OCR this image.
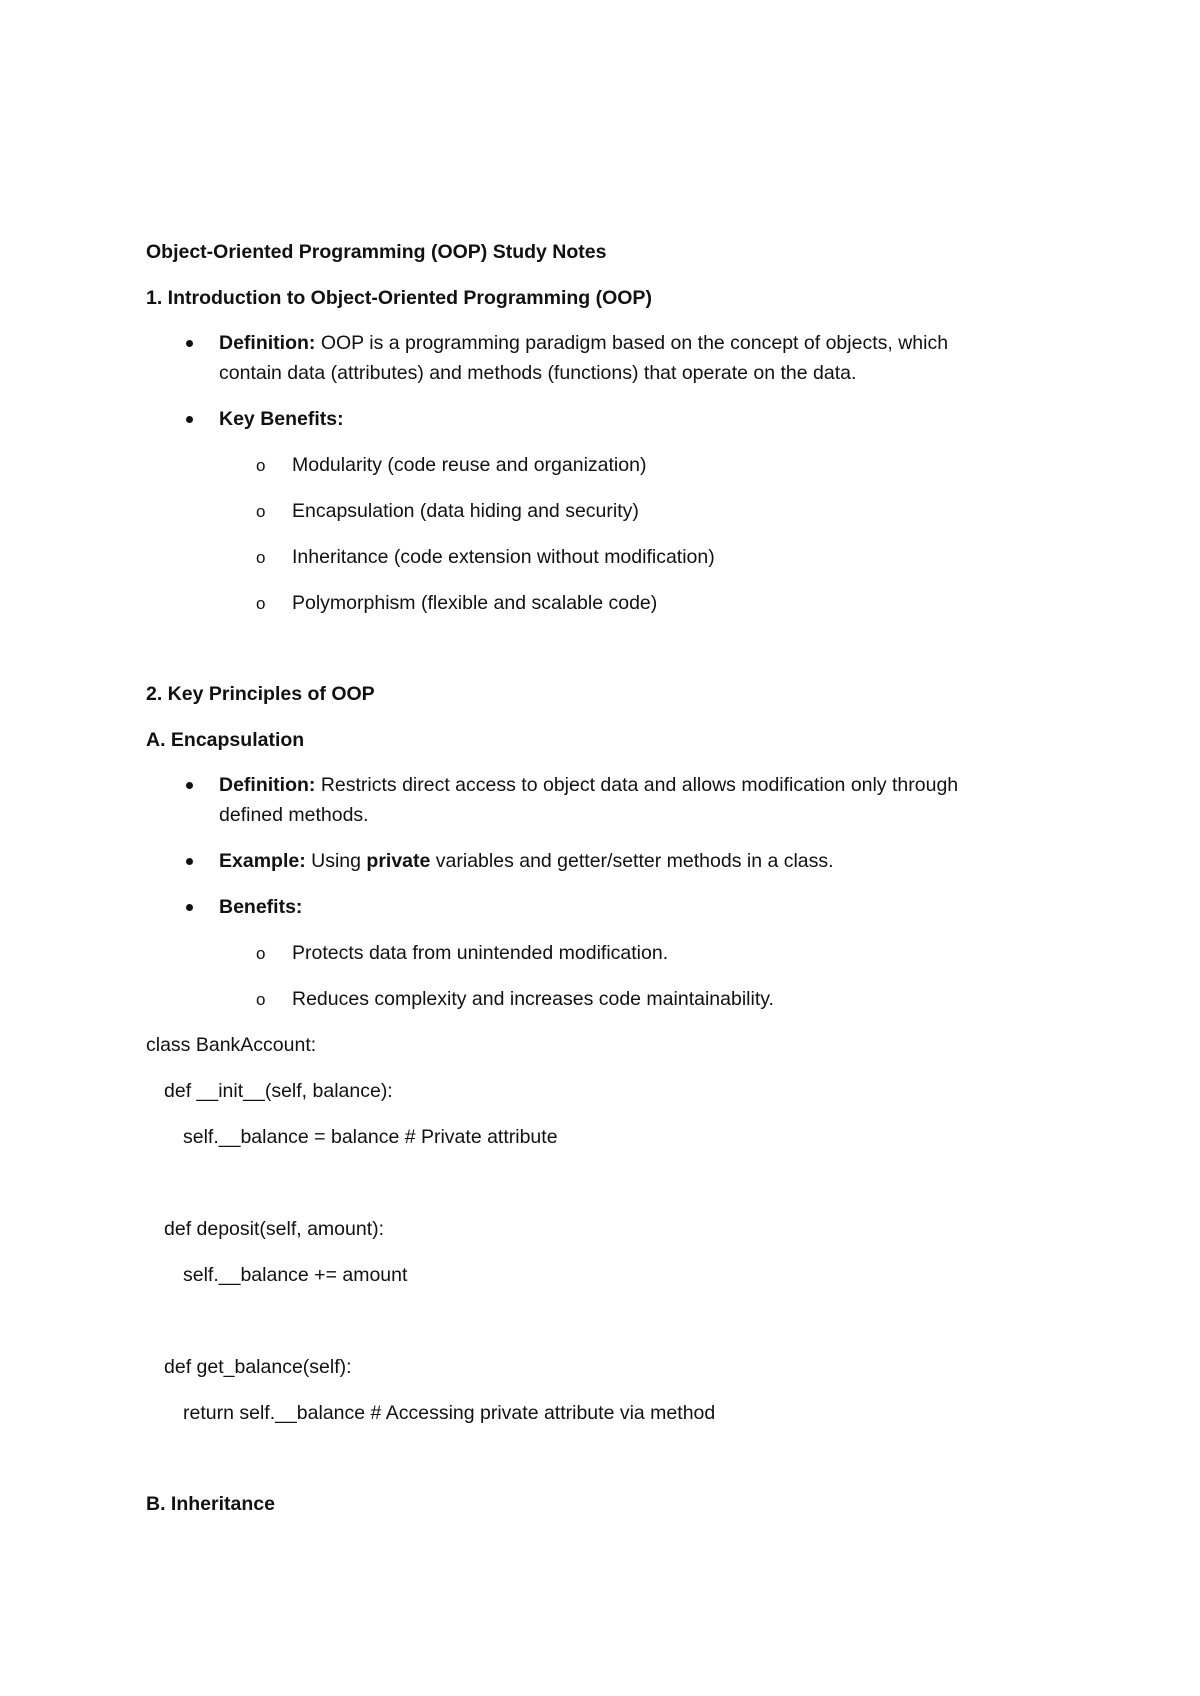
Object-Oriented Programming (OOP) Study Notes
1. Introduction to Object-Oriented Programming (OOP)
Definition: OOP is a programming paradigm based on the concept of objects, which
contain data (attributes) and methods (functions) that operate on the data.
Key Benefits:
o Modularity (code reuse and organization)
o Encapsulation (data hiding and security)
o Inheritance (code extension without modification)
o Polymorphism (flexible and scalable code)
2. Key Principles of OOP
A. Encapsulation
Definition: Restricts direct access to object data and allows modification only through
defined methods.
Example: Using private variables and getter/setter methods in a class.
Benefits:
o Protects data from unintended modification.
o Reduces complexity and increases code maintainability.
class BankAccount:
def __init__(self, balance):
self.__balance = balance # Private attribute
def deposit(self, amount):
self.__balance += amount
def get_balance(self):
return self.__balance # Accessing private attribute via method
B. Inheritance
